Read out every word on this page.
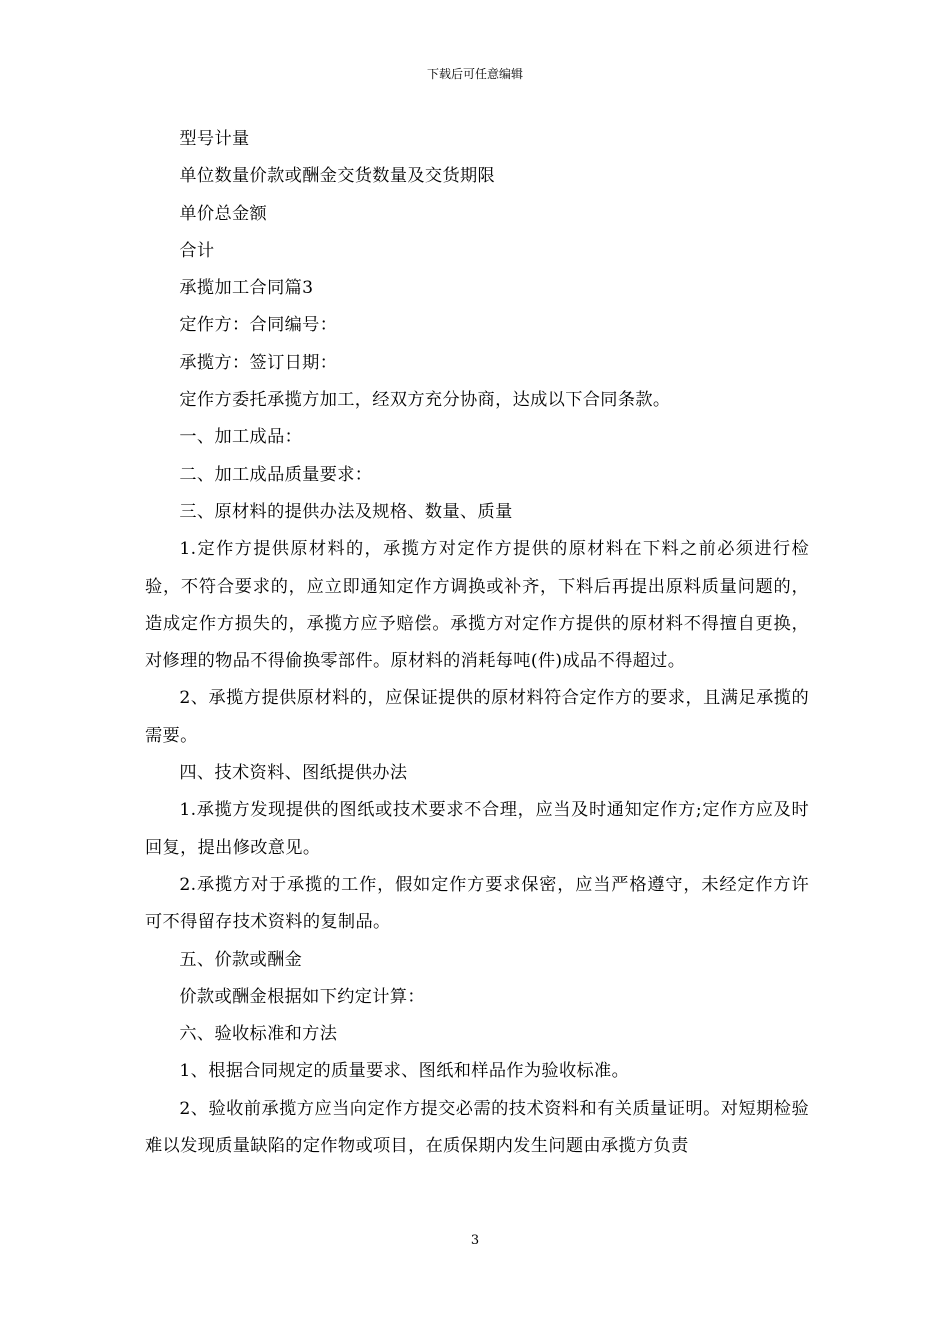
下载后可任意编辑

型号计量

单位数量价款或酬金交货数量及交货期限

单价总金额

合计

承揽加工合同篇3

定作方：合同编号：

承揽方：签订日期：

定作方委托承揽方加工，经双方充分协商，达成以下合同条款。

一、加工成品：

二、加工成品质量要求：

三、原材料的提供办法及规格、数量、质量

1.定作方提供原材料的，承揽方对定作方提供的原材料在下料之前必须进行检验，不符合要求的，应立即通知定作方调换或补齐，下料后再提出原料质量问题的，造成定作方损失的，承揽方应予赔偿。承揽方对定作方提供的原材料不得擅自更换，对修理的物品不得偷换零部件。原材料的消耗每吨(件)成品不得超过。

2、承揽方提供原材料的，应保证提供的原材料符合定作方的要求，且满足承揽的需要。

四、技术资料、图纸提供办法

1.承揽方发现提供的图纸或技术要求不合理，应当及时通知定作方;定作方应及时回复，提出修改意见。

2.承揽方对于承揽的工作，假如定作方要求保密，应当严格遵守，未经定作方许可不得留存技术资料的复制品。

五、价款或酬金

价款或酬金根据如下约定计算：

六、验收标准和方法

1、根据合同规定的质量要求、图纸和样品作为验收标准。

2、验收前承揽方应当向定作方提交必需的技术资料和有关质量证明。对短期检验难以发现质量缺陷的定作物或项目，在质保期内发生问题由承揽方负责

3
